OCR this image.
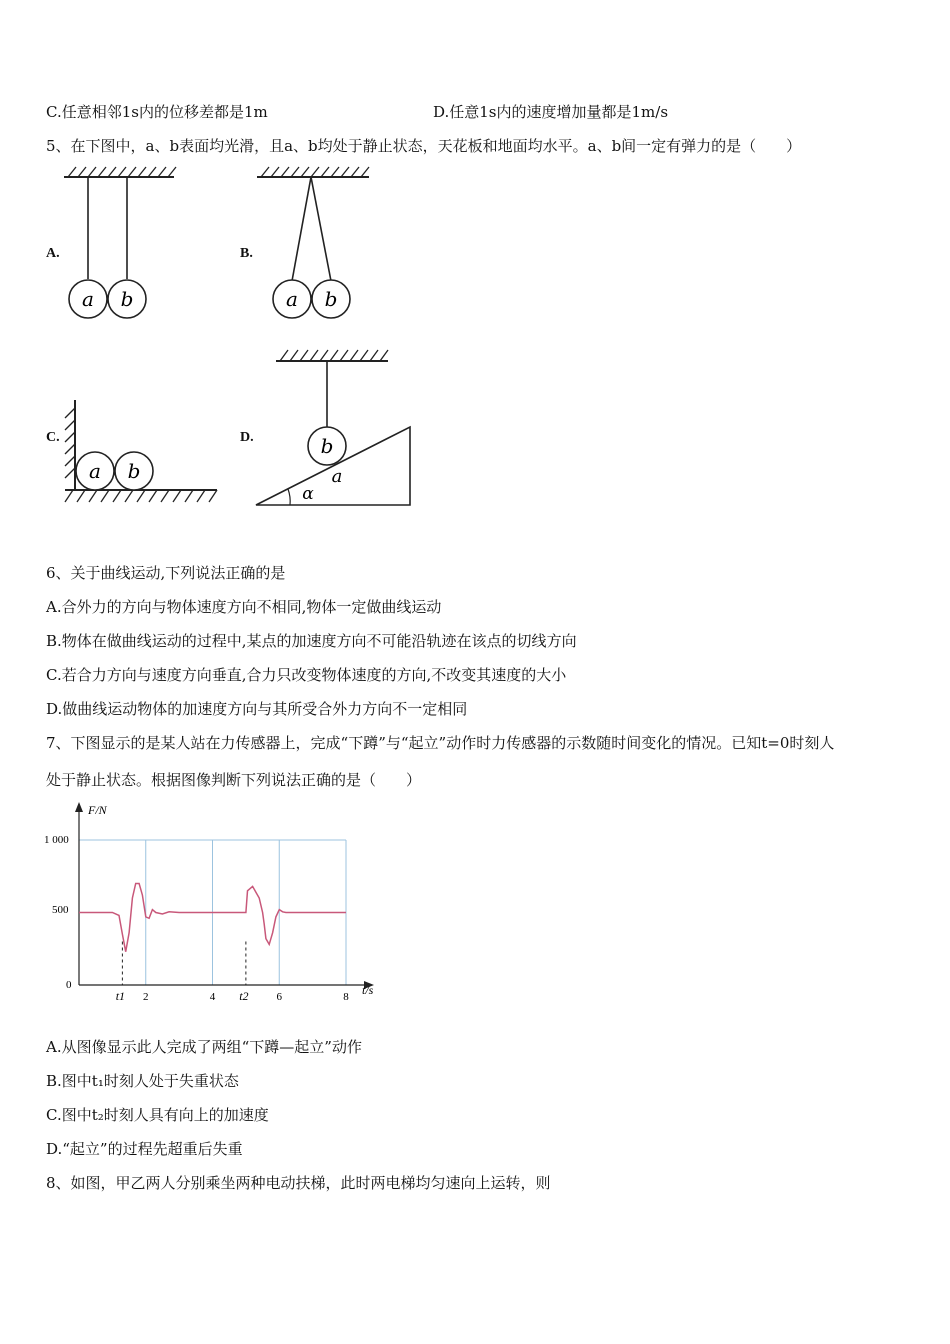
C.任意相邻1s内的位移差都是1m	D.任意1s内的速度增加量都是1m/s
5、在下图中，a、b表面均光滑，且a、b均处于静止状态，天花板和地面均水平。a、b间一定有弹力的是（　　）
A.	B.
C.	D.
a b	a b
a b
b
a
α
6、关于曲线运动,下列说法正确的是
A.合外力的方向与物体速度方向不相同,物体一定做曲线运动
B.物体在做曲线运动的过程中,某点的加速度方向不可能沿轨迹在该点的切线方向
C.若合力方向与速度方向垂直,合力只改变物体速度的方向,不改变其速度的大小
D.做曲线运动物体的加速度方向与其所受合外力方向不一定相同
7、下图显示的是某人站在力传感器上，完成“下蹲”与“起立”动作时力传感器的示数随时间变化的情况。已知t=0时刻人
处于静止状态。根据图像判断下列说法正确的是（　　）
F/N
t/s
1 000
500
0
2	4	6	8
t1	t2
A.从图像显示此人完成了两组“下蹲—起立”动作
B.图中t₁时刻人处于失重状态
C.图中t₂时刻人具有向上的加速度
D.“起立”的过程先超重后失重
8、如图，甲乙两人分别乘坐两种电动扶梯，此时两电梯均匀速向上运转，则
